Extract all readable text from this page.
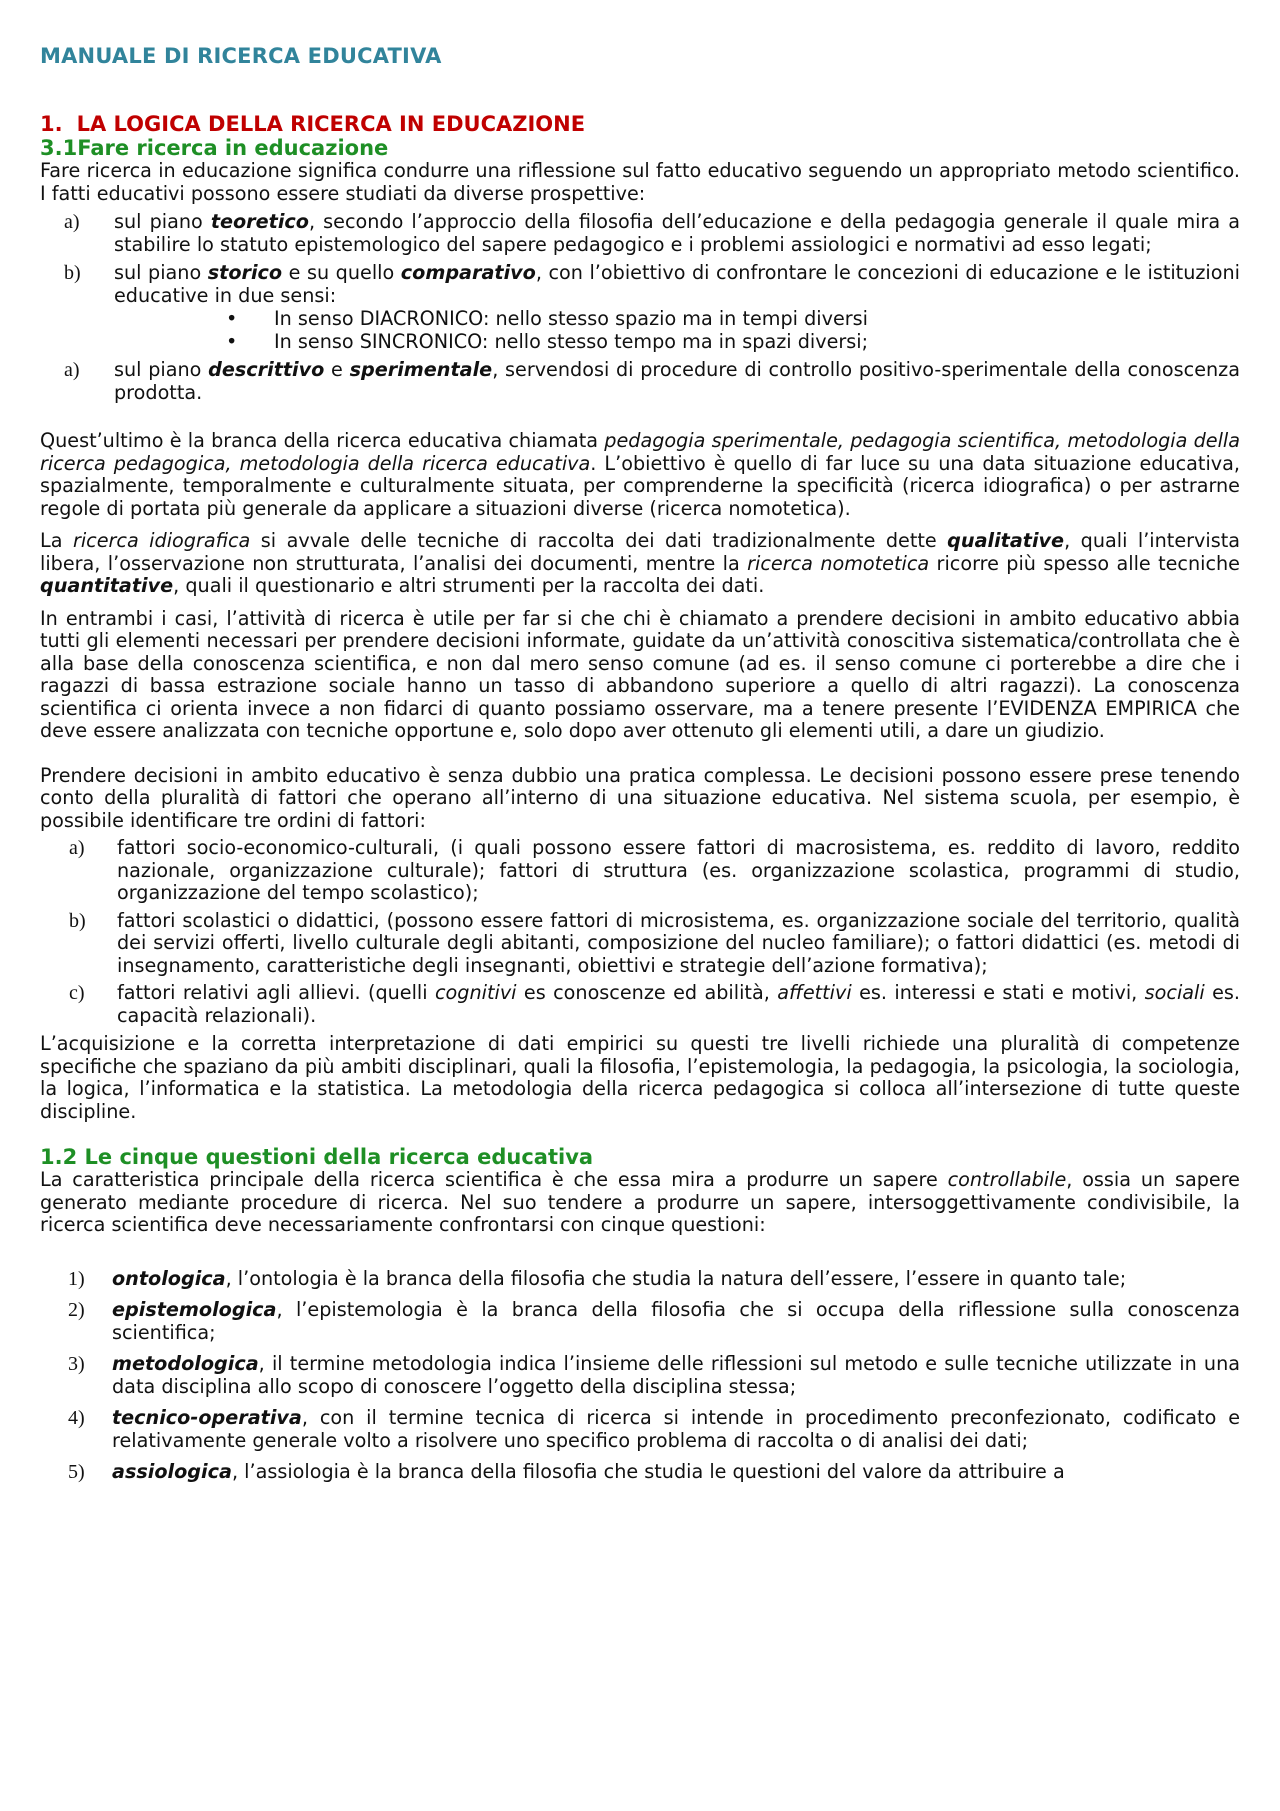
MANUALE DI RICERCA EDUCATIVA
1. LA LOGICA DELLA RICERCA IN EDUCAZIONE
3.1Fare ricerca in educazione

Fare ricerca in educazione significa condurre una riflessione sul fatto educativo seguendo un appropriato metodo scientifico. I fatti educativi possono essere studiati da diverse prospettive:

a) sul piano teoretico, secondo l’approccio della filosofia dell’educazione e della pedagogia generale il quale mira a stabilire lo statuto epistemologico del sapere pedagogico e i problemi assiologici e normativi ad esso legati;
b) sul piano storico e su quello comparativo, con l’obiettivo di confrontare le concezioni di educazione e le istituzioni educative in due sensi:
• In senso DIACRONICO: nello stesso spazio ma in tempi diversi
• In senso SINCRONICO: nello stesso tempo ma in spazi diversi;
a) sul piano descrittivo e sperimentale, servendosi di procedure di controllo positivo-sperimentale della conoscenza prodotta.

Quest’ultimo è la branca della ricerca educativa chiamata pedagogia sperimentale, pedagogia scientifica, metodologia della ricerca pedagogica, metodologia della ricerca educativa. L’obiettivo è quello di far luce su una data situazione educativa, spazialmente, temporalmente e culturalmente situata, per comprenderne la specificità (ricerca idiografica) o per astrarne regole di portata più generale da applicare a situazioni diverse (ricerca nomotetica).

La ricerca idiografica si avvale delle tecniche di raccolta dei dati tradizionalmente dette qualitative, quali l’intervista libera, l’osservazione non strutturata, l’analisi dei documenti, mentre la ricerca nomotetica ricorre più spesso alle tecniche quantitative, quali il questionario e altri strumenti per la raccolta dei dati.

In entrambi i casi, l’attività di ricerca è utile per far si che chi è chiamato a prendere decisioni in ambito educativo abbia tutti gli elementi necessari per prendere decisioni informate, guidate da un’attività conoscitiva sistematica/controllata che è alla base della conoscenza scientifica, e non dal mero senso comune (ad es. il senso comune ci porterebbe a dire che i ragazzi di bassa estrazione sociale hanno un tasso di abbandono superiore a quello di altri ragazzi). La conoscenza scientifica ci orienta invece a non fidarci di quanto possiamo osservare, ma a tenere presente l’EVIDENZA EMPIRICA che deve essere analizzata con tecniche opportune e, solo dopo aver ottenuto gli elementi utili, a dare un giudizio.

Prendere decisioni in ambito educativo è senza dubbio una pratica complessa. Le decisioni possono essere prese tenendo conto della pluralità di fattori che operano all’interno di una situazione educativa. Nel sistema scuola, per esempio, è possibile identificare tre ordini di fattori:

a) fattori socio-economico-culturali, (i quali possono essere fattori di macrosistema, es. reddito di lavoro, reddito nazionale, organizzazione culturale); fattori di struttura (es. organizzazione scolastica, programmi di studio, organizzazione del tempo scolastico);
b) fattori scolastici o didattici, (possono essere fattori di microsistema, es. organizzazione sociale del territorio, qualità dei servizi offerti, livello culturale degli abitanti, composizione del nucleo familiare); o fattori didattici (es. metodi di insegnamento, caratteristiche degli insegnanti, obiettivi e strategie dell’azione formativa);
c) fattori relativi agli allievi. (quelli cognitivi es conoscenze ed abilità, affettivi es. interessi e stati e motivi, sociali es. capacità relazionali).

L’acquisizione e la corretta interpretazione di dati empirici su questi tre livelli richiede una pluralità di competenze specifiche che spaziano da più ambiti disciplinari, quali la filosofia, l’epistemologia, la pedagogia, la psicologia, la sociologia, la logica, l’informatica e la statistica. La metodologia della ricerca pedagogica si colloca all’intersezione di tutte queste discipline.

1.2 Le cinque questioni della ricerca educativa

La caratteristica principale della ricerca scientifica è che essa mira a produrre un sapere controllabile, ossia un sapere generato mediante procedure di ricerca. Nel suo tendere a produrre un sapere, intersoggettivamente condivisibile, la ricerca scientifica deve necessariamente confrontarsi con cinque questioni:

1) ontologica, l’ontologia è la branca della filosofia che studia la natura dell’essere, l’essere in quanto tale;
2) epistemologica, l’epistemologia è la branca della filosofia che si occupa della riflessione sulla conoscenza scientifica;
3) metodologica, il termine metodologia indica l’insieme delle riflessioni sul metodo e sulle tecniche utilizzate in una data disciplina allo scopo di conoscere l’oggetto della disciplina stessa;
4) tecnico-operativa, con il termine tecnica di ricerca si intende in procedimento preconfezionato, codificato e relativamente generale volto a risolvere uno specifico problema di raccolta o di analisi dei dati;
5) assiologica, l’assiologia è la branca della filosofia che studia le questioni del valore da attribuire a
